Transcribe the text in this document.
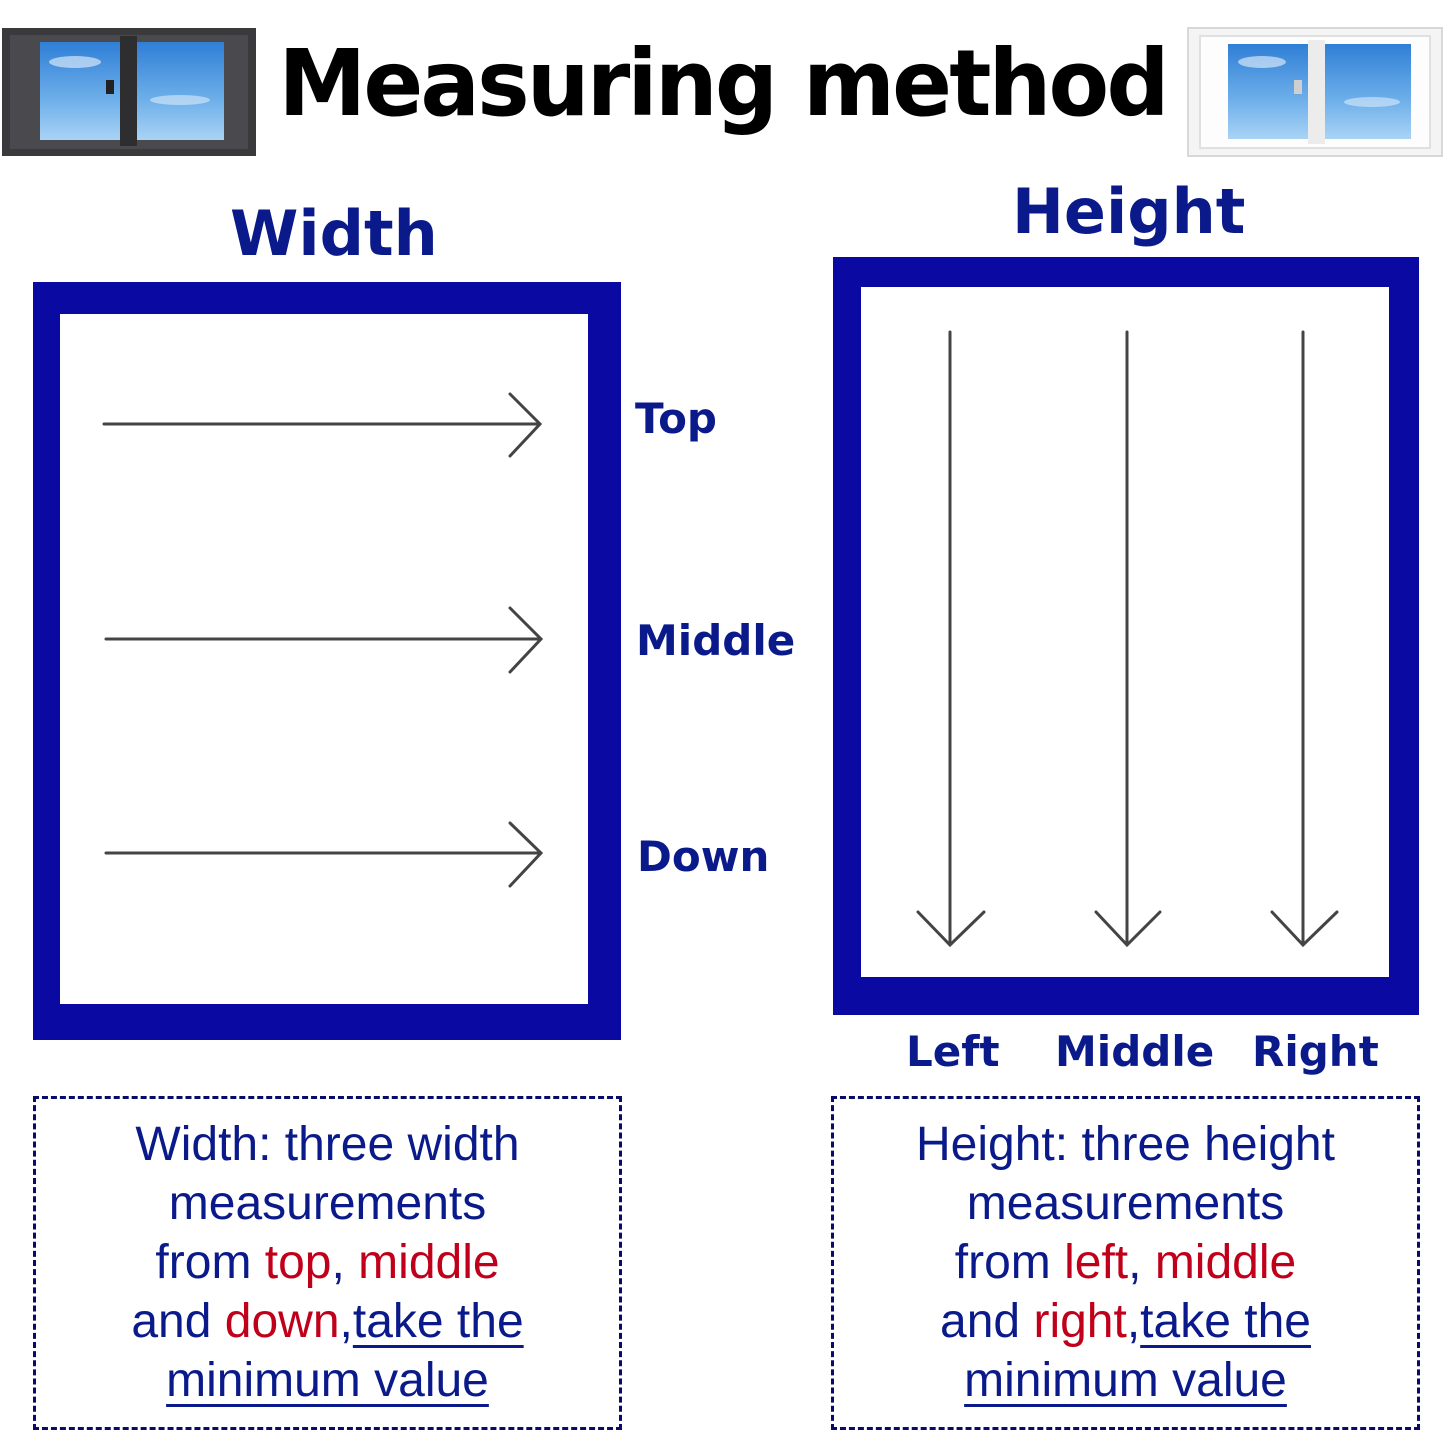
Measuring method
Width
Top
Middle
Down
Height
Left Middle Right
Width: three width
measurements
from top, middle
and down,take the
minimum value
Height: three height
measurements
from left, middle
and right,take the
minimum value
